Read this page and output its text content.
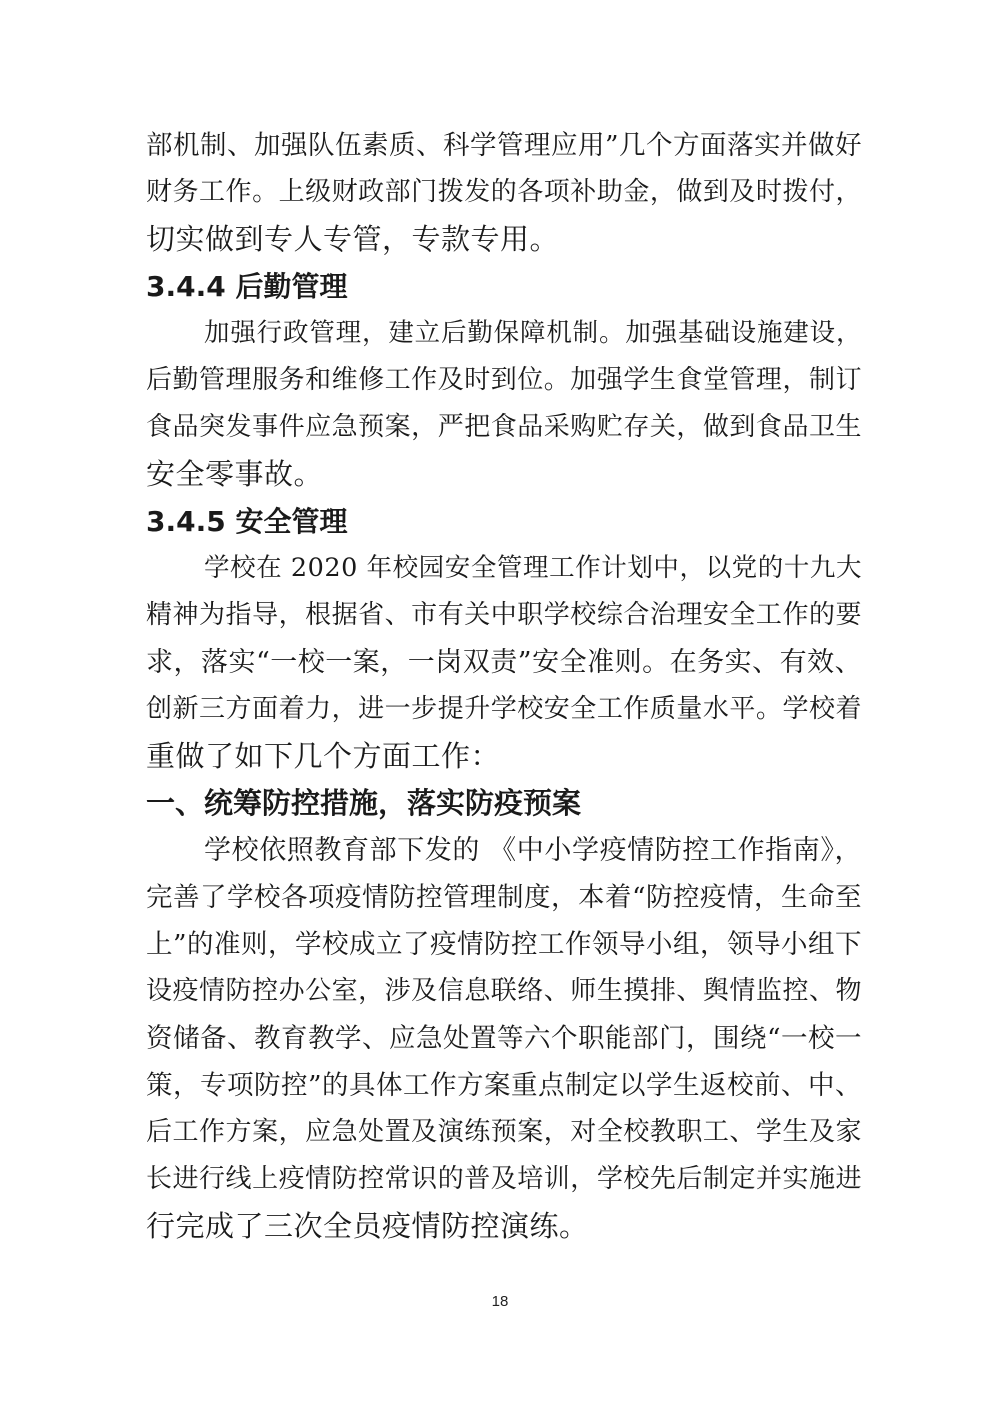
部机制、加强队伍素质、科学管理应用”几个方面落实并做好
财务工作。上级财政部门拨发的各项补助金，做到及时拨付，
切实做到专人专管，专款专用。
3.4.4 后勤管理
加强行政管理，建立后勤保障机制。加强基础设施建设，
后勤管理服务和维修工作及时到位。加强学生食堂管理，制订
食品突发事件应急预案，严把食品采购贮存关，做到食品卫生
安全零事故。
3.4.5 安全管理
学校在 2020 年校园安全管理工作计划中，以党的十九大
精神为指导，根据省、市有关中职学校综合治理安全工作的要
求，落实“一校一案，一岗双责”安全准则。在务实、有效、
创新三方面着力，进一步提升学校安全工作质量水平。学校着
重做了如下几个方面工作：
一、统筹防控措施，落实防疫预案
学校依照教育部下发的 《中小学疫情防控工作指南》，
完善了学校各项疫情防控管理制度，本着“防控疫情，生命至
上”的准则，学校成立了疫情防控工作领导小组，领导小组下
设疫情防控办公室，涉及信息联络、师生摸排、舆情监控、物
资储备、教育教学、应急处置等六个职能部门，围绕“一校一
策，专项防控”的具体工作方案重点制定以学生返校前、中、
后工作方案，应急处置及演练预案，对全校教职工、学生及家
长进行线上疫情防控常识的普及培训，学校先后制定并实施进
行完成了三次全员疫情防控演练。
18
